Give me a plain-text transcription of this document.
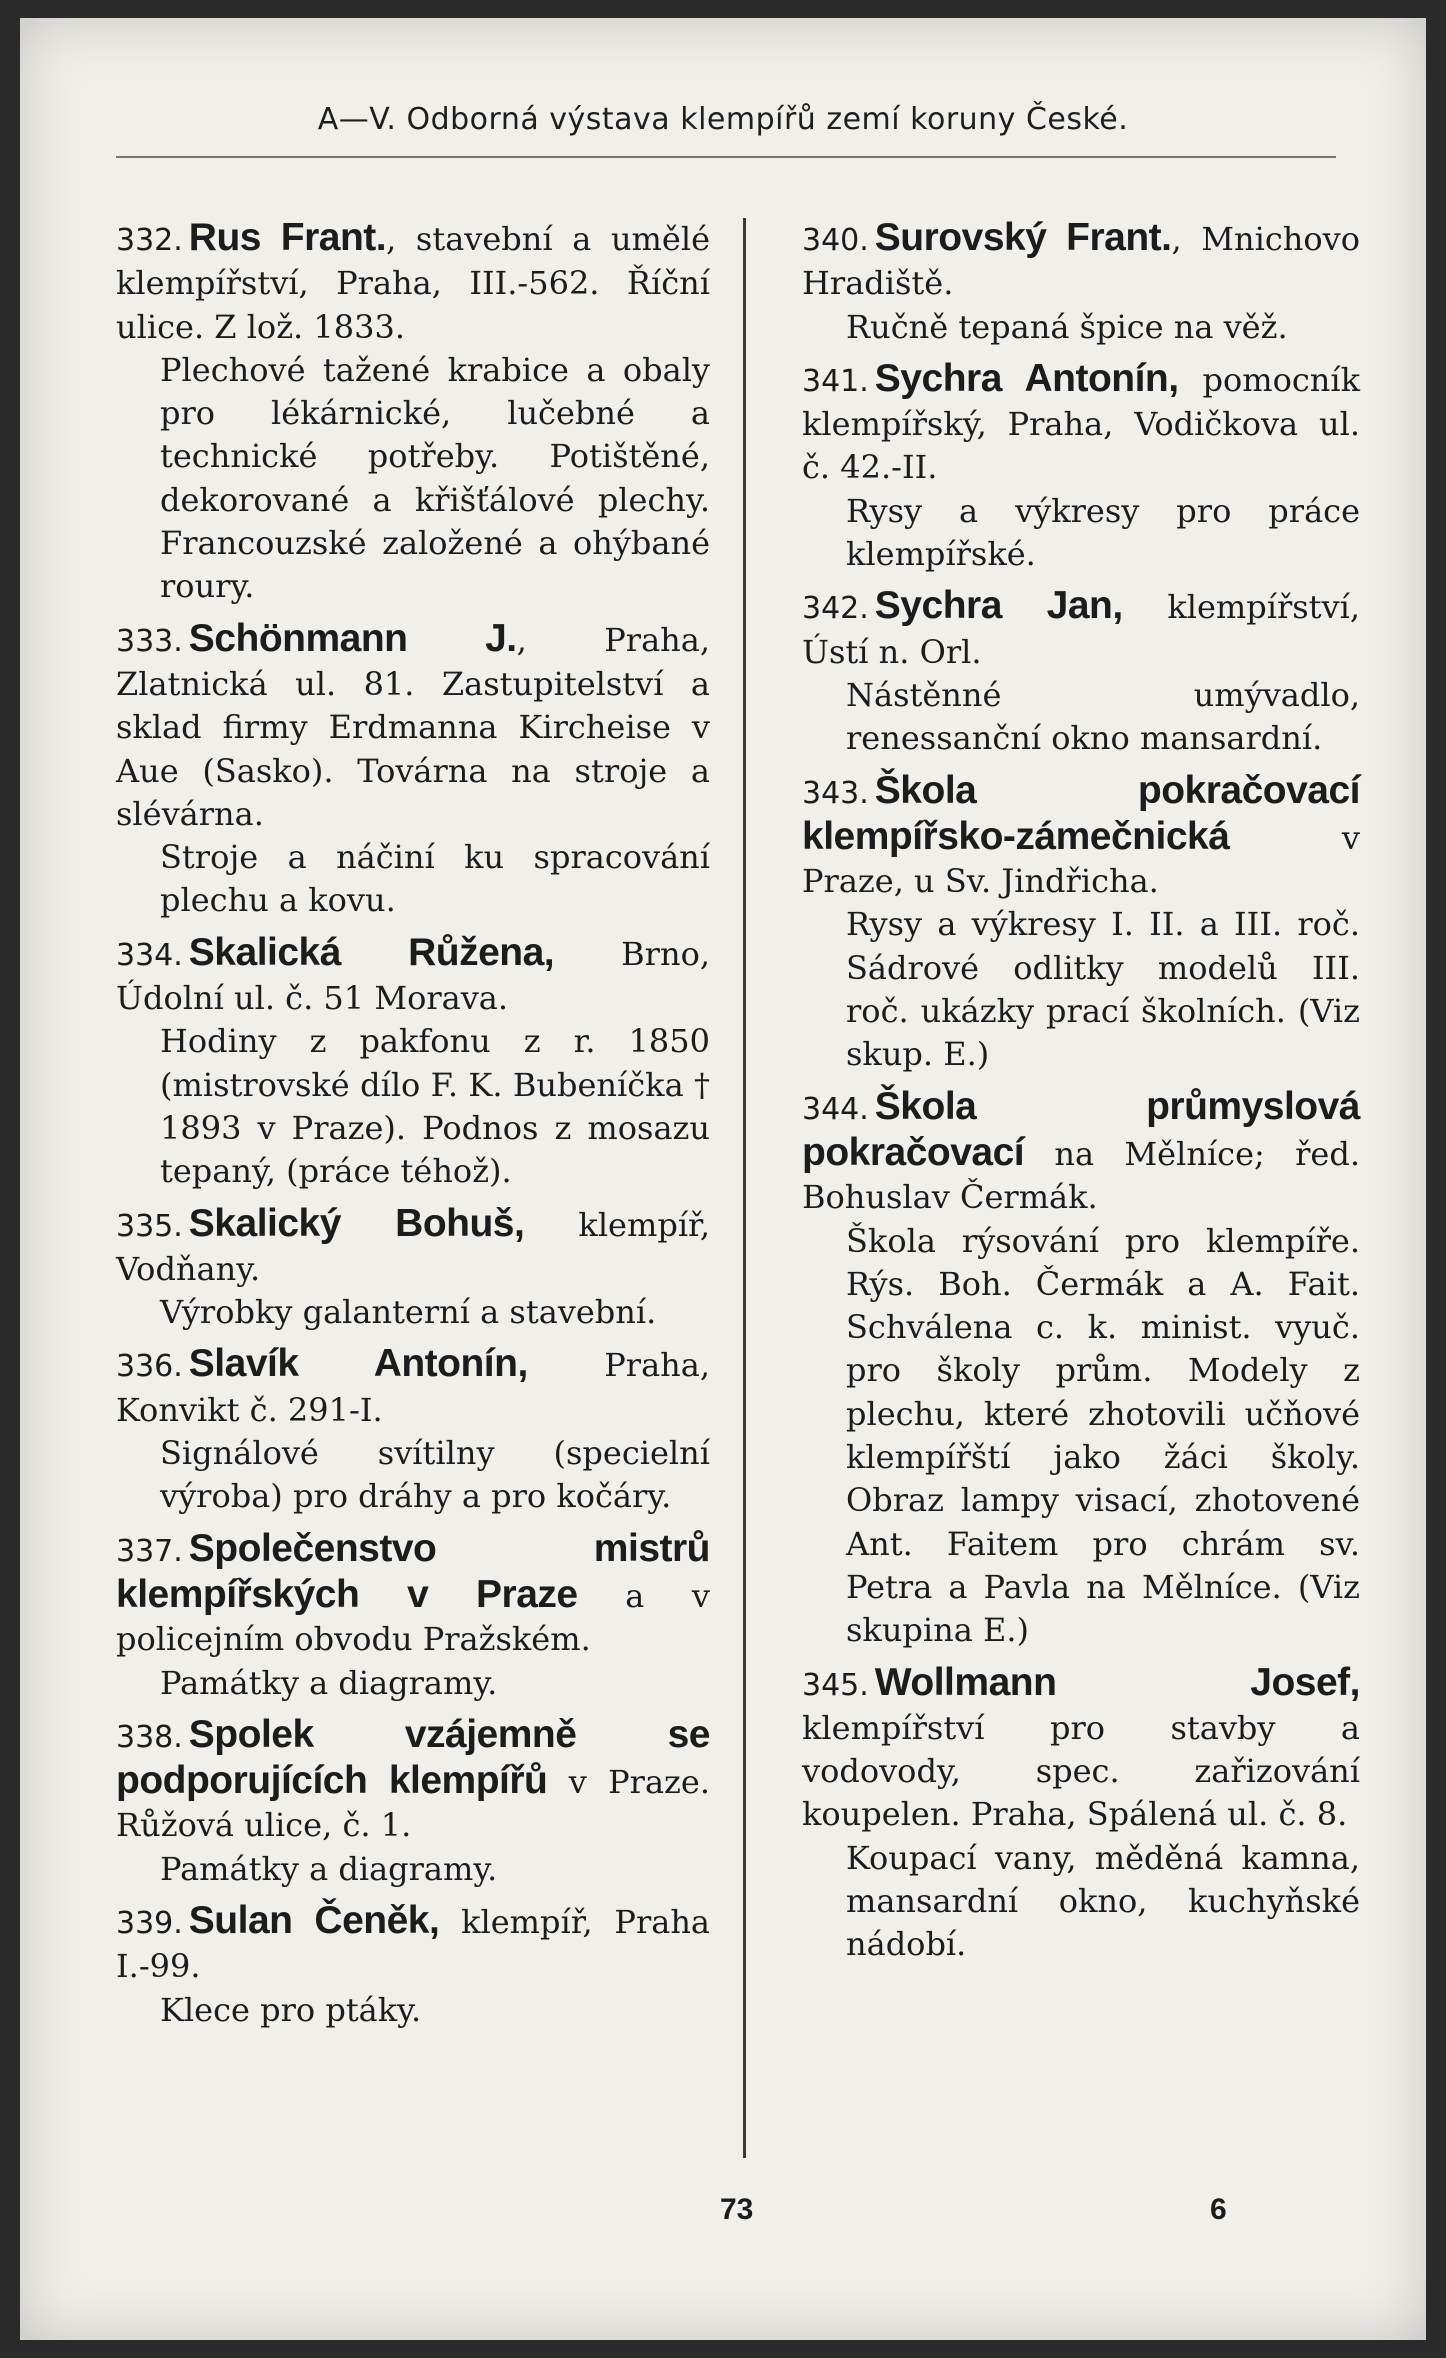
A—V. Odborná výstava klempířů zemí koruny České.
332. Rus Frant., stavební a umělé klempířství, Praha, III.-562. Říční ulice. Z lož. 1833.
Plechové tažené krabice a obaly pro lékárnické, lučebné a technické potřeby. Potištěné, dekorované a křišťálové plechy. Francouzské založené a ohýbané roury.
333. Schönmann J., Praha, Zlatnická ul. 81. Zastupitelství a sklad firmy Erdmanna Kircheise v Aue (Sasko). Továrna na stroje a slévárna.
Stroje a náčiní ku spracování plechu a kovu.
334. Skalická Růžena, Brno, Údolní ul. č. 51 Morava.
Hodiny z pakfonu z r. 1850 (mistrovské dílo F. K. Bubeníčka † 1893 v Praze). Podnos z mosazu tepaný, (práce téhož).
335. Skalický Bohuš, klempíř, Vodňany.
Výrobky galanterní a stavební.
336. Slavík Antonín, Praha, Konvikt č. 291-I.
Signálové svítilny (specielní výroba) pro dráhy a pro kočáry.
337. Společenstvo mistrů klempířských v Praze a v policejním obvodu Pražském.
Památky a diagramy.
338. Spolek vzájemně se podporujících klempířů v Praze. Růžová ulice, č. 1.
Památky a diagramy.
339. Sulan Čeněk, klempíř, Praha I.-99.
Klece pro ptáky.
340. Surovský Frant., Mnichovo Hradiště.
Ručně tepaná špice na věž.
341. Sychra Antonín, pomocník klempířský, Praha, Vodičkova ul. č. 42.-II.
Rysy a výkresy pro práce klempířské.
342. Sychra Jan, klempířství, Ústí n. Orl.
Nástěnné umývadlo, renessanční okno mansardní.
343. Škola pokračovací klempířsko-zámečnická v Praze, u Sv. Jindřicha.
Rysy a výkresy I. II. a III. roč. Sádrové odlitky modelů III. roč. ukázky prací školních. (Viz skup. E.)
344. Škola průmyslová pokračovací na Mělníce; řed. Bohuslav Čermák.
Škola rýsování pro klempíře. Rýs. Boh. Čermák a A. Fait. Schválena c. k. minist. vyuč. pro školy prům. Modely z plechu, které zhotovili učňové klempířští jako žáci školy. Obraz lampy visací, zhotovené Ant. Faitem pro chrám sv. Petra a Pavla na Mělníce. (Viz skupina E.)
345. Wollmann Josef, klempířství pro stavby a vodovody, spec. zařizování koupelen. Praha, Spálená ul. č. 8.
Koupací vany, měděná kamna, mansardní okno, kuchyňské nádobí.
73	6
